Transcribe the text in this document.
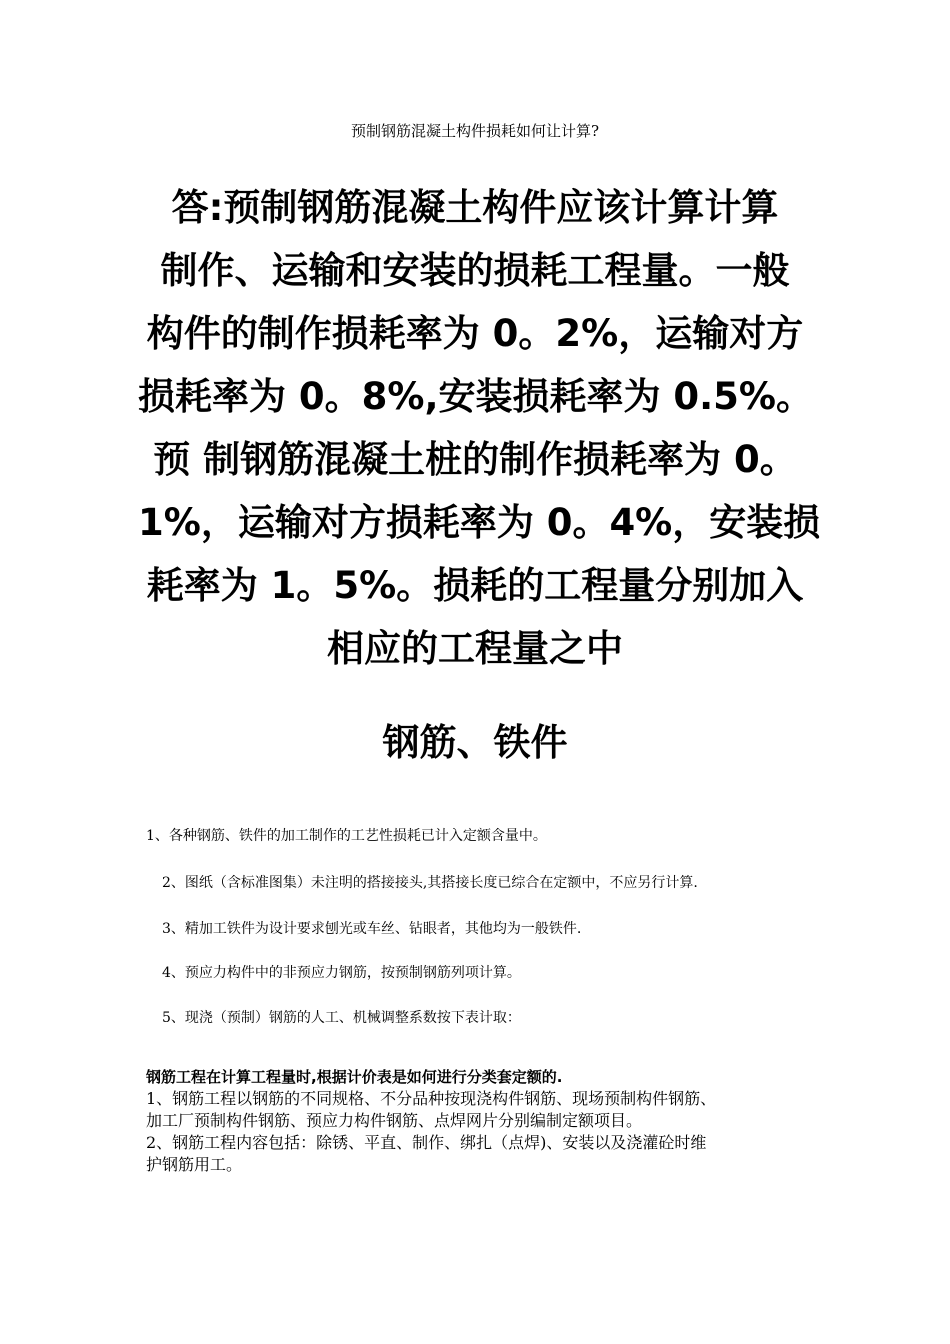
预制钢筋混凝土构件损耗如何让计算?
答:预制钢筋混凝土构件应该计算计算
制作、运输和安装的损耗工程量。一般
构件的制作损耗率为 0。2%，运输对方
损耗率为 0。8%,安装损耗率为 0.5%。
预 制钢筋混凝土桩的制作损耗率为 0。
1%，运输对方损耗率为 0。4%，安装损
耗率为 1。5%。损耗的工程量分别加入
相应的工程量之中
钢筋、铁件
1、各种钢筋、铁件的加工制作的工艺性损耗已计入定额含量中。
2、图纸（含标准图集）未注明的搭接接头,其搭接长度已综合在定额中，不应另行计算.
3、精加工铁件为设计要求刨光或车丝、钻眼者，其他均为一般铁件.
4、预应力构件中的非预应力钢筋，按预制钢筋列项计算。
5、现浇（预制）钢筋的人工、机械调整系数按下表计取：
钢筋工程在计算工程量时,根据计价表是如何进行分类套定额的.
1、钢筋工程以钢筋的不同规格、不分品种按现浇构件钢筋、现场预制构件钢筋、
加工厂预制构件钢筋、预应力构件钢筋、点焊网片分别编制定额项目。
2、钢筋工程内容包括：除锈、平直、制作、绑扎（点焊)、安装以及浇灌砼时维
护钢筋用工。
